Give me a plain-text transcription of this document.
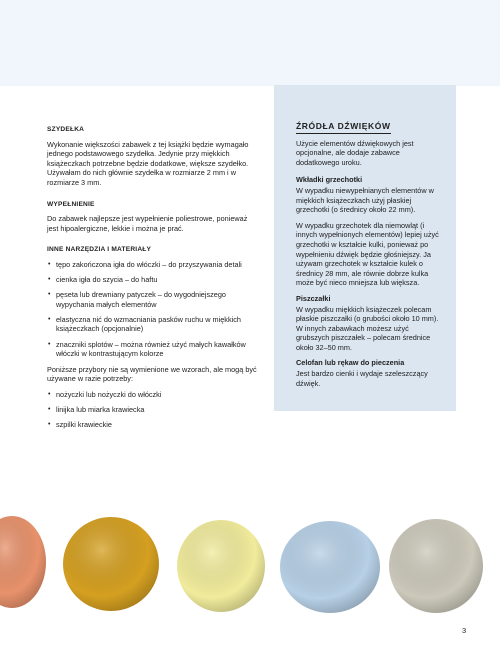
SZYDEŁKA

Wykonanie większości zabawek z tej książki będzie wymagało jednego podstawowego szydełka. Jedynie przy miękkich książeczkach potrzebne będzie dodatkowe, większe szydełko. Używałam do nich głównie szydełka w rozmiarze 2 mm i w rozmiarze 3 mm.

WYPEŁNIENIE

Do zabawek najlepsze jest wypełnienie poliestrowe, ponieważ jest hipoalergiczne, lekkie i można je prać.

INNE NARZĘDZIA I MATERIAŁY
• tępo zakończona igła do włóczki – do przyszywania detali
• cienka igła do szycia – do haftu
• pęseta lub drewniany patyczek – do wygodniejszego wypychania małych elementów
• elastyczna nić do wzmacniania pasków ruchu w miękkich książeczkach (opcjonalnie)
• znaczniki splotów – można również użyć małych kawałków włóczki w kontrastującym kolorze

Poniższe przybory nie są wymienione we wzorach, ale mogą być używane w razie potrzeby:

• nożyczki lub nożyczki do włóczki
• linijka lub miarka krawiecka
• szpilki krawieckie
ŹRÓDŁA DŹWIĘKÓW

Użycie elementów dźwiękowych jest opcjonalne, ale dodaje zabawce dodatkowego uroku.

Wkładki grzechotki

W wypadku niewypełnianych elementów w miękkich książeczkach użyj płaskiej grzechotki (o średnicy około 22 mm).

W wypadku grzechotek dla niemowląt (i innych wypełnionych elementów) lepiej użyć grzechotki w kształcie kulki, ponieważ po wypełnieniu dźwięk będzie głośniejszy. Ja używam grzechotek w kształcie kulek o średnicy 28 mm, ale równie dobrze kulka może być nieco mniejsza lub większa.

Piszczałki

W wypadku miękkich książeczek polecam płaskie piszczałki (o grubości około 10 mm). W innych zabawkach możesz użyć grubszych piszczałek – polecam średnice około 32–50 mm.

Celofan lub rękaw do pieczenia

Jest bardzo cienki i wydaje szeleszczący dźwięk.

3
